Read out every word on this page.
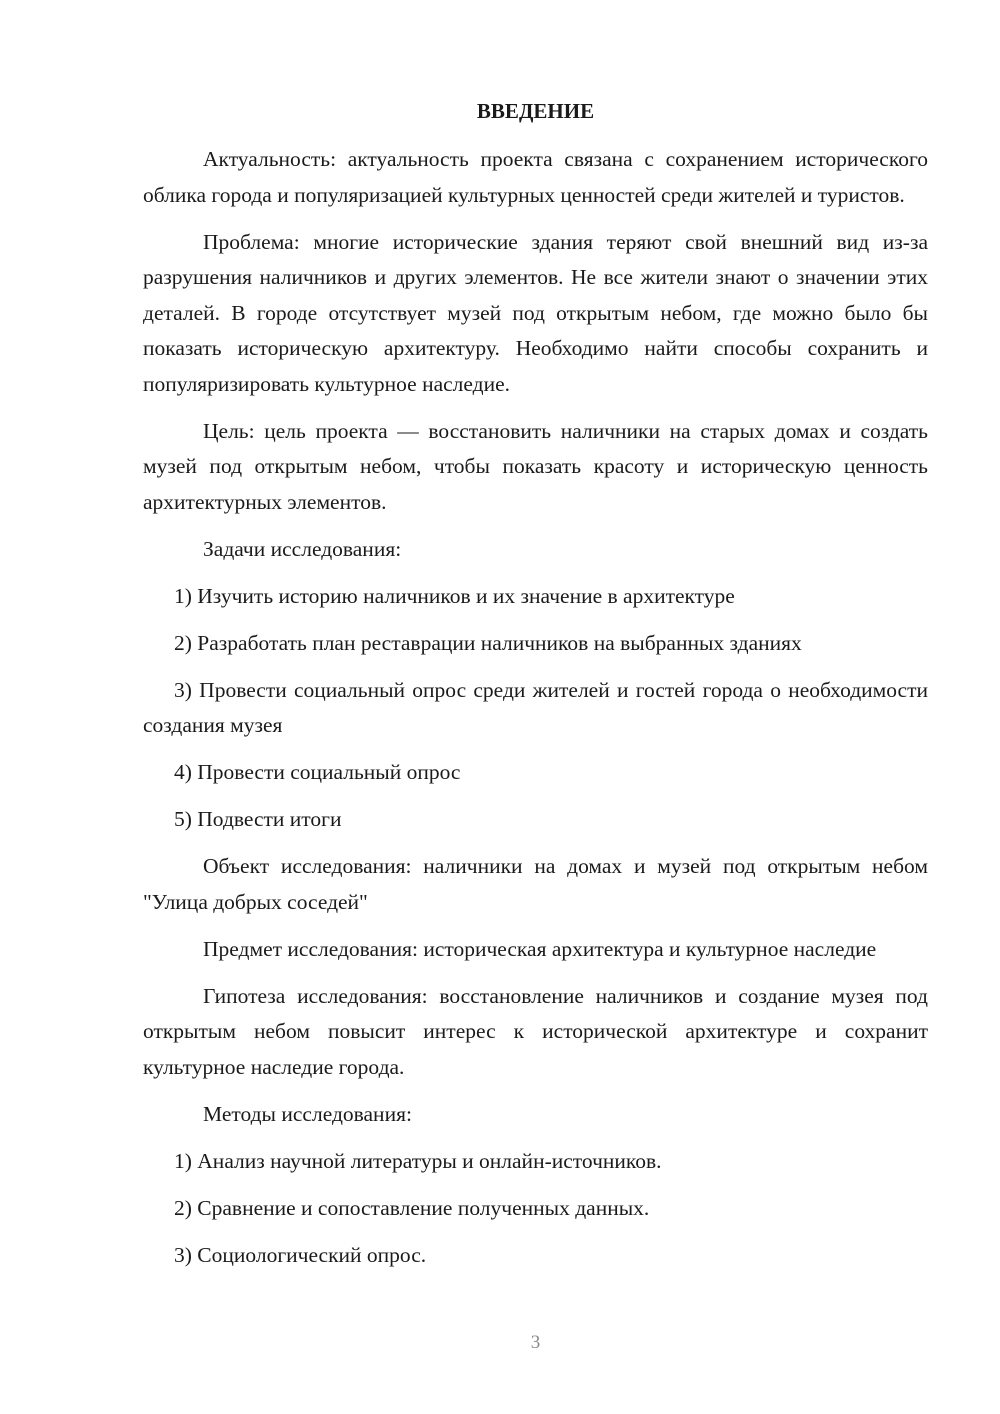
ВВЕДЕНИЕ

Актуальность: актуальность проекта связана с сохранением исторического облика города и популяризацией культурных ценностей среди жителей и туристов.

Проблема: многие исторические здания теряют свой внешний вид из-за разрушения наличников и других элементов. Не все жители знают о значении этих деталей. В городе отсутствует музей под открытым небом, где можно было бы показать историческую архитектуру. Необходимо найти способы сохранить и популяризировать культурное наследие.

Цель: цель проекта — восстановить наличники на старых домах и создать музей под открытым небом, чтобы показать красоту и историческую ценность архитектурных элементов.

Задачи исследования:

1) Изучить историю наличников и их значение в архитектуре

2) Разработать план реставрации наличников на выбранных зданиях

3) Провести социальный опрос среди жителей и гостей города о необходимости создания музея

4) Провести социальный опрос

5) Подвести итоги

Объект исследования: наличники на домах и музей под открытым небом "Улица добрых соседей"

Предмет исследования: историческая архитектура и культурное наследие

Гипотеза исследования: восстановление наличников и создание музея под открытым небом повысит интерес к исторической архитектуре и сохранит культурное наследие города.

Методы исследования:

1) Анализ научной литературы и онлайн-источников.

2) Сравнение и сопоставление полученных данных.

3) Социологический опрос.

3
